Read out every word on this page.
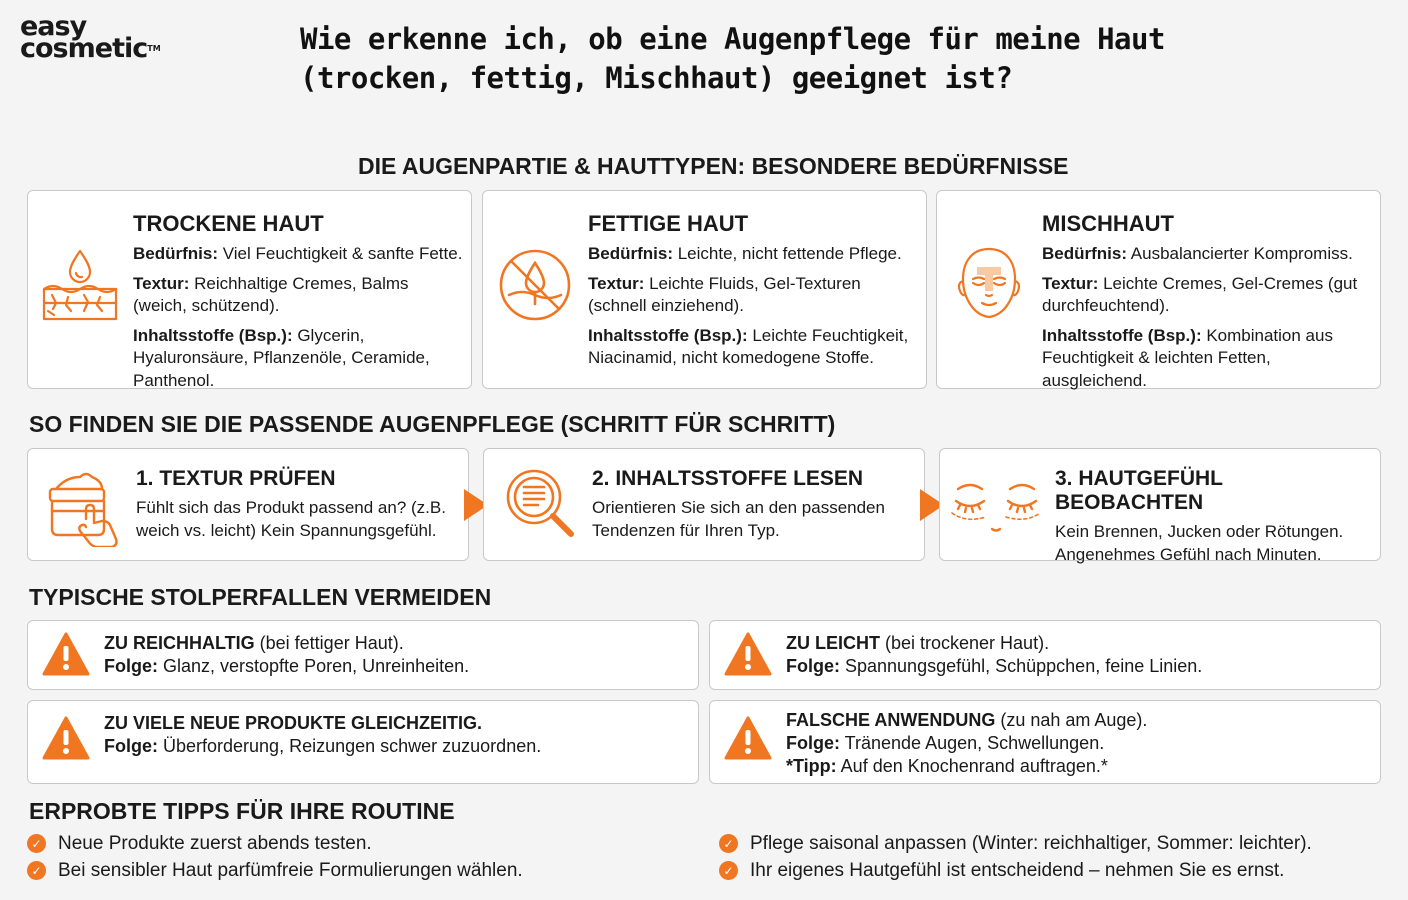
easy
cosmetic™	Wie erkenne ich, ob eine Augenpflege für meine Haut (trocken, fettig, Mischhaut) geeignet ist?
DIE AUGENPARTIE & HAUTTYPEN: BESONDERE BEDÜRFNISSE
TROCKENE HAUT

Bedürfnis: Viel Feuchtigkeit & sanfte Fette.

Textur: Reichhaltige Cremes, Balms (weich, schützend).

Inhaltsstoffe (Bsp.): Glycerin, Hyaluronsäure, Pflanzenöle, Ceramide, Panthenol.

FETTIGE HAUT

Bedürfnis: Leichte, nicht fettende Pflege.

Textur: Leichte Fluids, Gel-Texturen (schnell einziehend).

Inhaltsstoffe (Bsp.): Leichte Feuchtigkeit, Niacinamid, nicht komedogene Stoffe.

MISCHHAUT

Bedürfnis: Ausbalancierter Kompromiss.

Textur: Leichte Cremes, Gel-Cremes (gut durchfeuchtend).

Inhaltsstoffe (Bsp.): Kombination aus Feuchtigkeit & leichten Fetten, ausgleichend.

SO FINDEN SIE DIE PASSENDE AUGENPFLEGE (SCHRITT FÜR SCHRITT)
1. TEXTUR PRÜFEN

Fühlt sich das Produkt passend an? (z.B. weich vs. leicht) Kein Spannungsgefühl.

2. INHALTSSTOFFE LESEN

Orientieren Sie sich an den passenden Tendenzen für Ihren Typ.

3. HAUTGEFÜHL BEOBACHTEN

Kein Brennen, Jucken oder Rötungen. Angenehmes Gefühl nach Minuten.

TYPISCHE STOLPERFALLEN VERMEIDEN

ZU REICHHALTIG (bei fettiger Haut).

Folge: Glanz, verstopfte Poren, Unreinheiten.

ZU LEICHT (bei trockener Haut).

Folge: Spannungsgefühl, Schüppchen, feine Linien.

ZU VIELE NEUE PRODUKTE GLEICHZEITIG.

Folge: Überforderung, Reizungen schwer zuzuordnen.

FALSCHE ANWENDUNG (zu nah am Auge).

Folge: Tränende Augen, Schwellungen.

*Tipp: Auf den Knochenrand auftragen.*

ERPROBTE TIPPS FÜR IHRE ROUTINE
✓ Neue Produkte zuerst abends testen.
✓ Bei sensibler Haut parfümfreie Formulierungen wählen.
✓ Pflege saisonal anpassen (Winter: reichhaltiger, Sommer: leichter).
✓ Ihr eigenes Hautgefühl ist entscheidend – nehmen Sie es ernst.
